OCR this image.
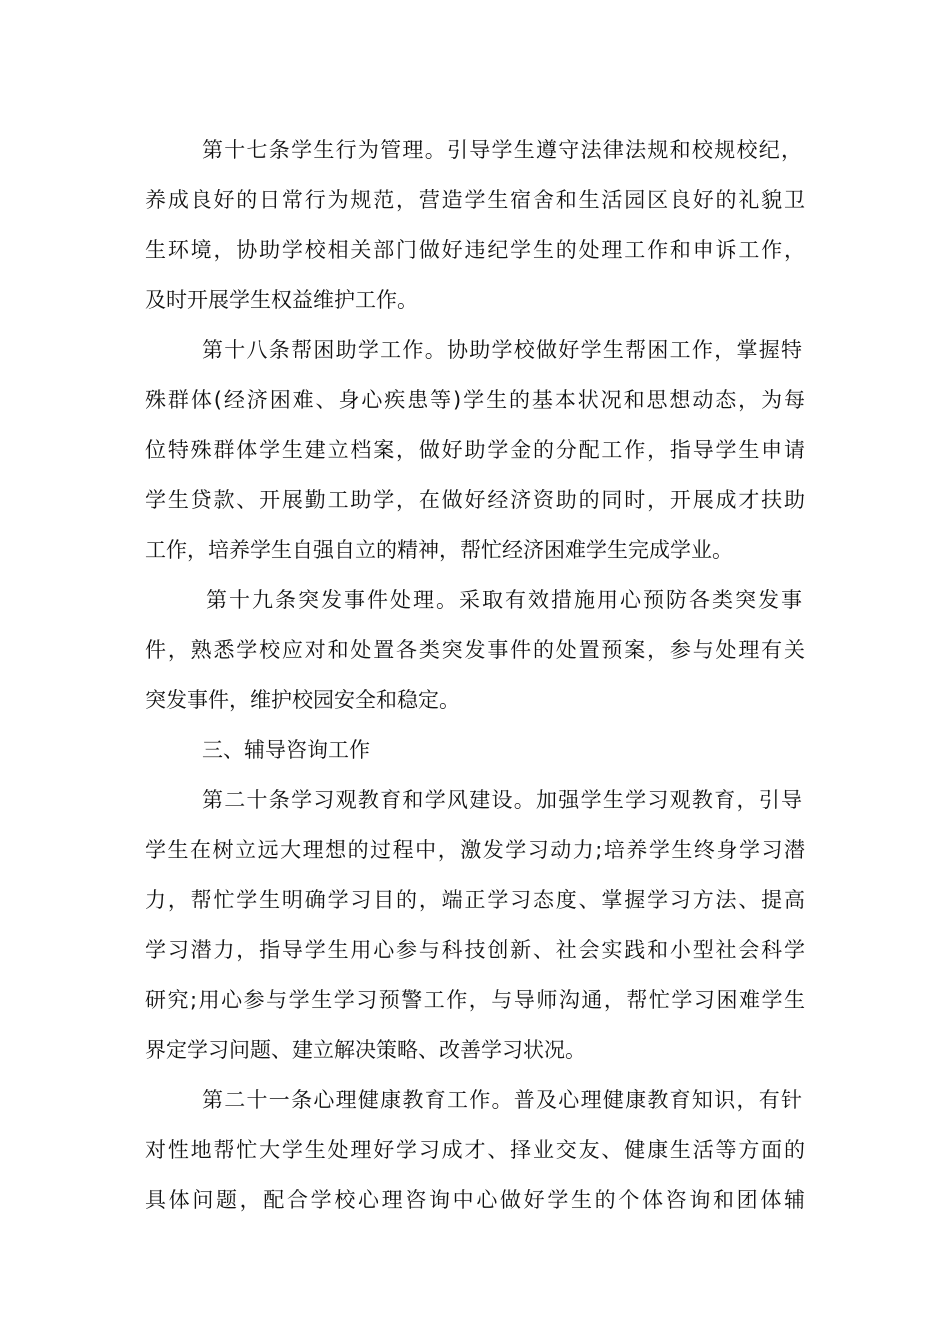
第十七条学生行为管理。引导学生遵守法律法规和校规校纪，
养成良好的日常行为规范，营造学生宿舍和生活园区良好的礼貌卫
生环境，协助学校相关部门做好违纪学生的处理工作和申诉工作，
及时开展学生权益维护工作。
第十八条帮困助学工作。协助学校做好学生帮困工作，掌握特
殊群体(经济困难、身心疾患等)学生的基本状况和思想动态，为每
位特殊群体学生建立档案，做好助学金的分配工作，指导学生申请
学生贷款、开展勤工助学，在做好经济资助的同时，开展成才扶助
工作，培养学生自强自立的精神，帮忙经济困难学生完成学业。
第十九条突发事件处理。采取有效措施用心预防各类突发事
件，熟悉学校应对和处置各类突发事件的处置预案，参与处理有关
突发事件，维护校园安全和稳定。
三、辅导咨询工作
第二十条学习观教育和学风建设。加强学生学习观教育，引导
学生在树立远大理想的过程中，激发学习动力;培养学生终身学习潜
力，帮忙学生明确学习目的，端正学习态度、掌握学习方法、提高
学习潜力，指导学生用心参与科技创新、社会实践和小型社会科学
研究;用心参与学生学习预警工作，与导师沟通，帮忙学习困难学生
界定学习问题、建立解决策略、改善学习状况。
第二十一条心理健康教育工作。普及心理健康教育知识，有针
对性地帮忙大学生处理好学习成才、择业交友、健康生活等方面的
具体问题，配合学校心理咨询中心做好学生的个体咨询和团体辅
